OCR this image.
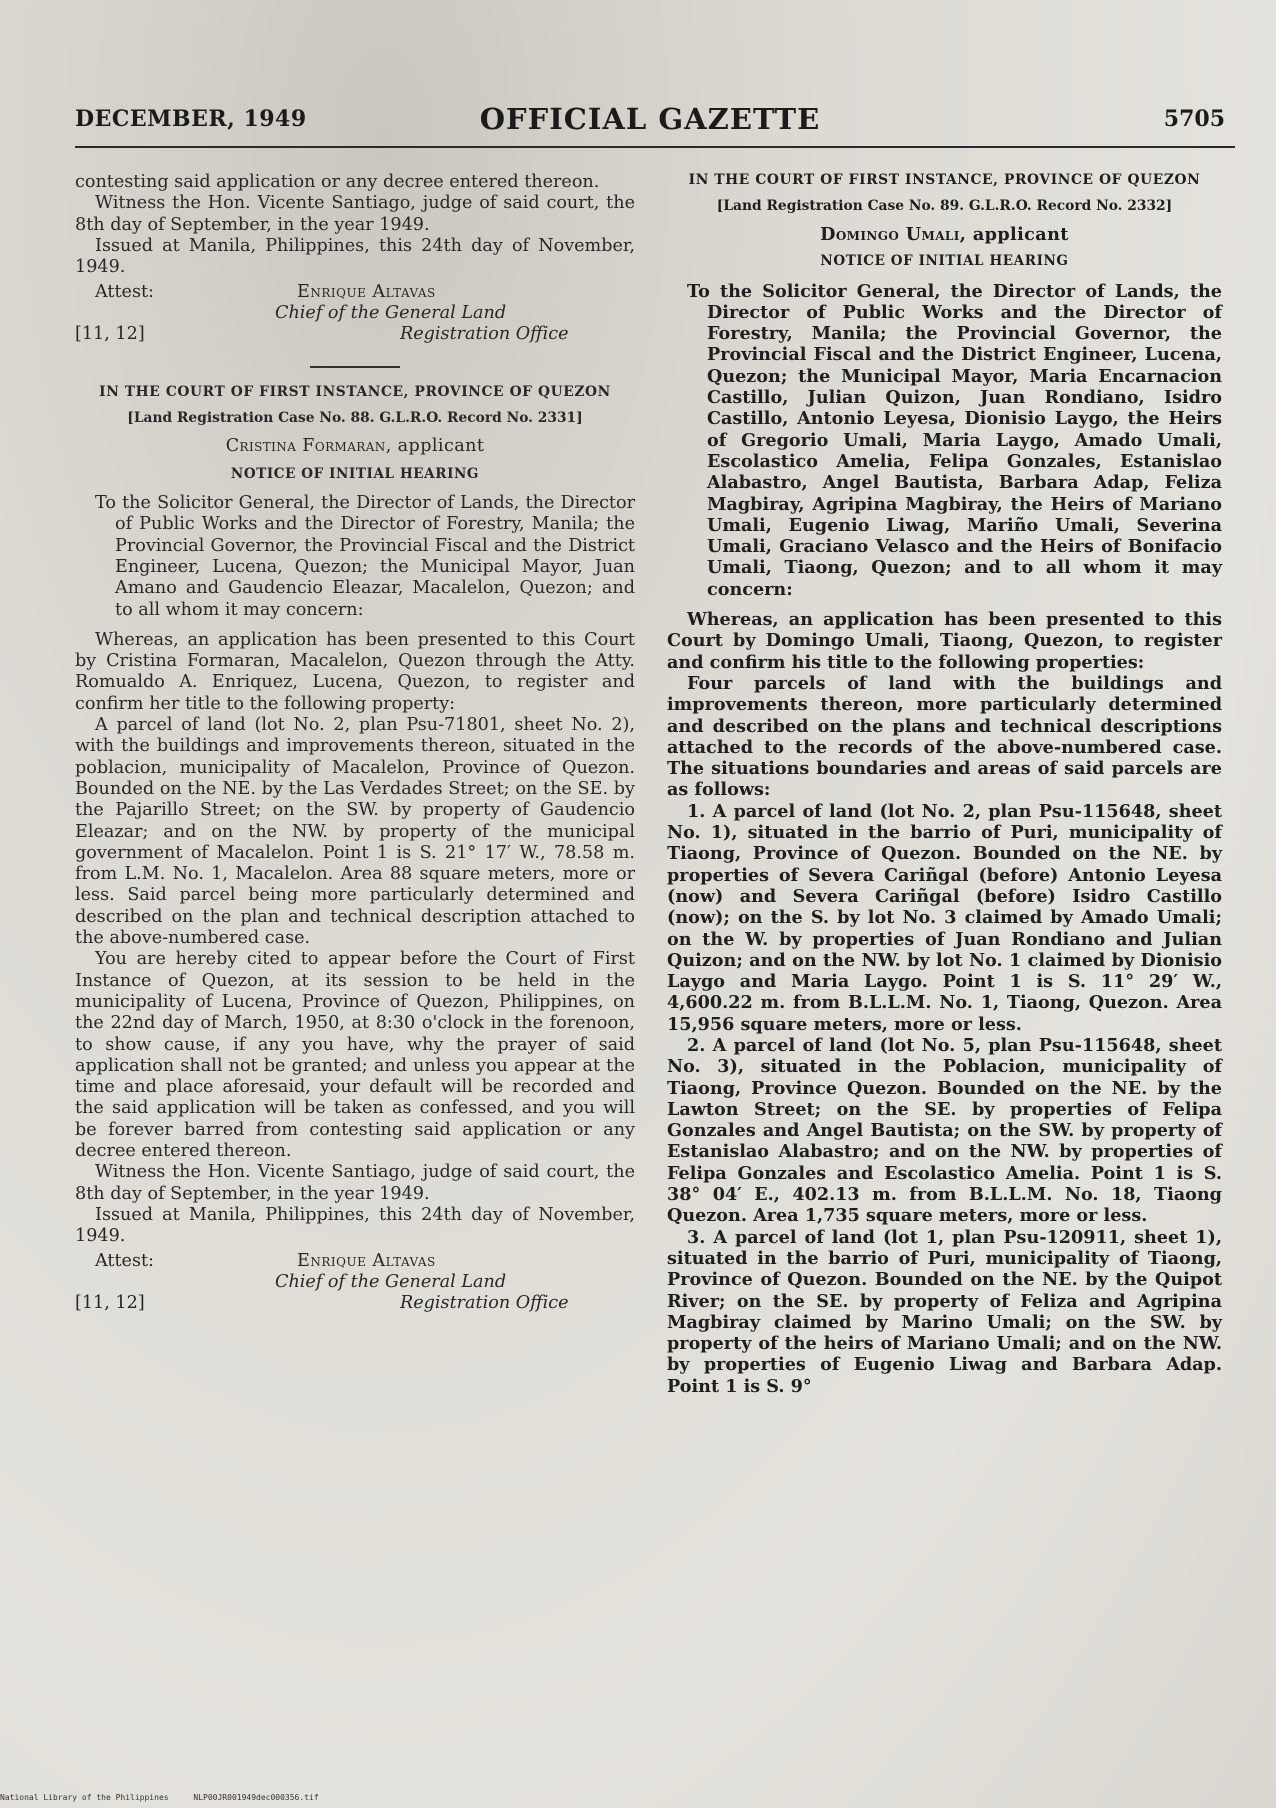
DECEMBER, 1949	OFFICIAL GAZETTE	5705

contesting said application or any decree entered thereon.

Witness the Hon. Vicente Santiago, judge of said court, the 8th day of September, in the year 1949.

Issued at Manila, Philippines, this 24th day of November, 1949.

Attest:	Enrique Altavas
Chief of the General Land
[11, 12]	Registration Office
IN THE COURT OF FIRST INSTANCE, PROVINCE OF QUEZON
[Land Registration Case No. 88. G.L.R.O. Record No. 2331]
Cristina Formaran, applicant
NOTICE OF INITIAL HEARING

To the Solicitor General, the Director of Lands, the Director of Public Works and the Director of Forestry, Manila; the Provincial Governor, the Provincial Fiscal and the District Engineer, Lucena, Quezon; the Municipal Mayor, Juan Amano and Gaudencio Eleazar, Macalelon, Quezon; and to all whom it may concern:

Whereas, an application has been presented to this Court by Cristina Formaran, Macalelon, Quezon through the Atty. Romualdo A. Enriquez, Lucena, Quezon, to register and confirm her title to the following property:

A parcel of land (lot No. 2, plan Psu-71801, sheet No. 2), with the buildings and improvements thereon, situated in the poblacion, municipality of Macalelon, Province of Quezon. Bounded on the NE. by the Las Verdades Street; on the SE. by the Pajarillo Street; on the SW. by property of Gaudencio Eleazar; and on the NW. by property of the municipal government of Macalelon. Point 1 is S. 21° 17′ W., 78.58 m. from L.M. No. 1, Macalelon. Area 88 square meters, more or less. Said parcel being more particularly determined and described on the plan and technical description attached to the above-numbered case.

You are hereby cited to appear before the Court of First Instance of Quezon, at its session to be held in the municipality of Lucena, Province of Quezon, Philippines, on the 22nd day of March, 1950, at 8:30 o'clock in the forenoon, to show cause, if any you have, why the prayer of said application shall not be granted; and unless you appear at the time and place aforesaid, your default will be recorded and the said application will be taken as confessed, and you will be forever barred from contesting said application or any decree entered thereon.

Witness the Hon. Vicente Santiago, judge of said court, the 8th day of September, in the year 1949.

Issued at Manila, Philippines, this 24th day of November, 1949.

Attest:	Enrique Altavas
Chief of the General Land
[11, 12]	Registration Office
IN THE COURT OF FIRST INSTANCE, PROVINCE OF QUEZON
[Land Registration Case No. 89. G.L.R.O. Record No. 2332]
Domingo Umali, applicant
NOTICE OF INITIAL HEARING

To the Solicitor General, the Director of Lands, the Director of Public Works and the Director of Forestry, Manila; the Provincial Governor, the Provincial Fiscal and the District Engineer, Lucena, Quezon; the Municipal Mayor, Maria Encarnacion Castillo, Julian Quizon, Juan Rondiano, Isidro Castillo, Antonio Leyesa, Dionisio Laygo, the Heirs of Gregorio Umali, Maria Laygo, Amado Umali, Escolastico Amelia, Felipa Gonzales, Estanislao Alabastro, Angel Bautista, Barbara Adap, Feliza Magbiray, Agripina Magbiray, the Heirs of Mariano Umali, Eugenio Liwag, Mariño Umali, Severina Umali, Graciano Velasco and the Heirs of Bonifacio Umali, Tiaong, Quezon; and to all whom it may concern:

Whereas, an application has been presented to this Court by Domingo Umali, Tiaong, Quezon, to register and confirm his title to the following properties:

Four parcels of land with the buildings and improvements thereon, more particularly determined and described on the plans and technical descriptions attached to the records of the above-numbered case. The situations boundaries and areas of said parcels are as follows:

1. A parcel of land (lot No. 2, plan Psu-115648, sheet No. 1), situated in the barrio of Puri, municipality of Tiaong, Province of Quezon. Bounded on the NE. by properties of Severa Cariñgal (before) Antonio Leyesa (now) and Severa Cariñgal (before) Isidro Castillo (now); on the S. by lot No. 3 claimed by Amado Umali; on the W. by properties of Juan Rondiano and Julian Quizon; and on the NW. by lot No. 1 claimed by Dionisio Laygo and Maria Laygo. Point 1 is S. 11° 29′ W., 4,600.22 m. from B.L.L.M. No. 1, Tiaong, Quezon. Area 15,956 square meters, more or less.

2. A parcel of land (lot No. 5, plan Psu-115648, sheet No. 3), situated in the Poblacion, municipality of Tiaong, Province Quezon. Bounded on the NE. by the Lawton Street; on the SE. by properties of Felipa Gonzales and Angel Bautista; on the SW. by property of Estanislao Alabastro; and on the NW. by properties of Felipa Gonzales and Escolastico Amelia. Point 1 is S. 38° 04′ E., 402.13 m. from B.L.L.M. No. 18, Tiaong Quezon. Area 1,735 square meters, more or less.

3. A parcel of land (lot 1, plan Psu-120911, sheet 1), situated in the barrio of Puri, municipality of Tiaong, Province of Quezon. Bounded on the NE. by the Quipot River; on the SE. by property of Feliza and Agripina Magbiray claimed by Marino Umali; on the SW. by property of the heirs of Mariano Umali; and on the NW. by properties of Eugenio Liwag and Barbara Adap. Point 1 is S. 9°

National Library of the Philippines	NLP00JR001949dec000356.tif
